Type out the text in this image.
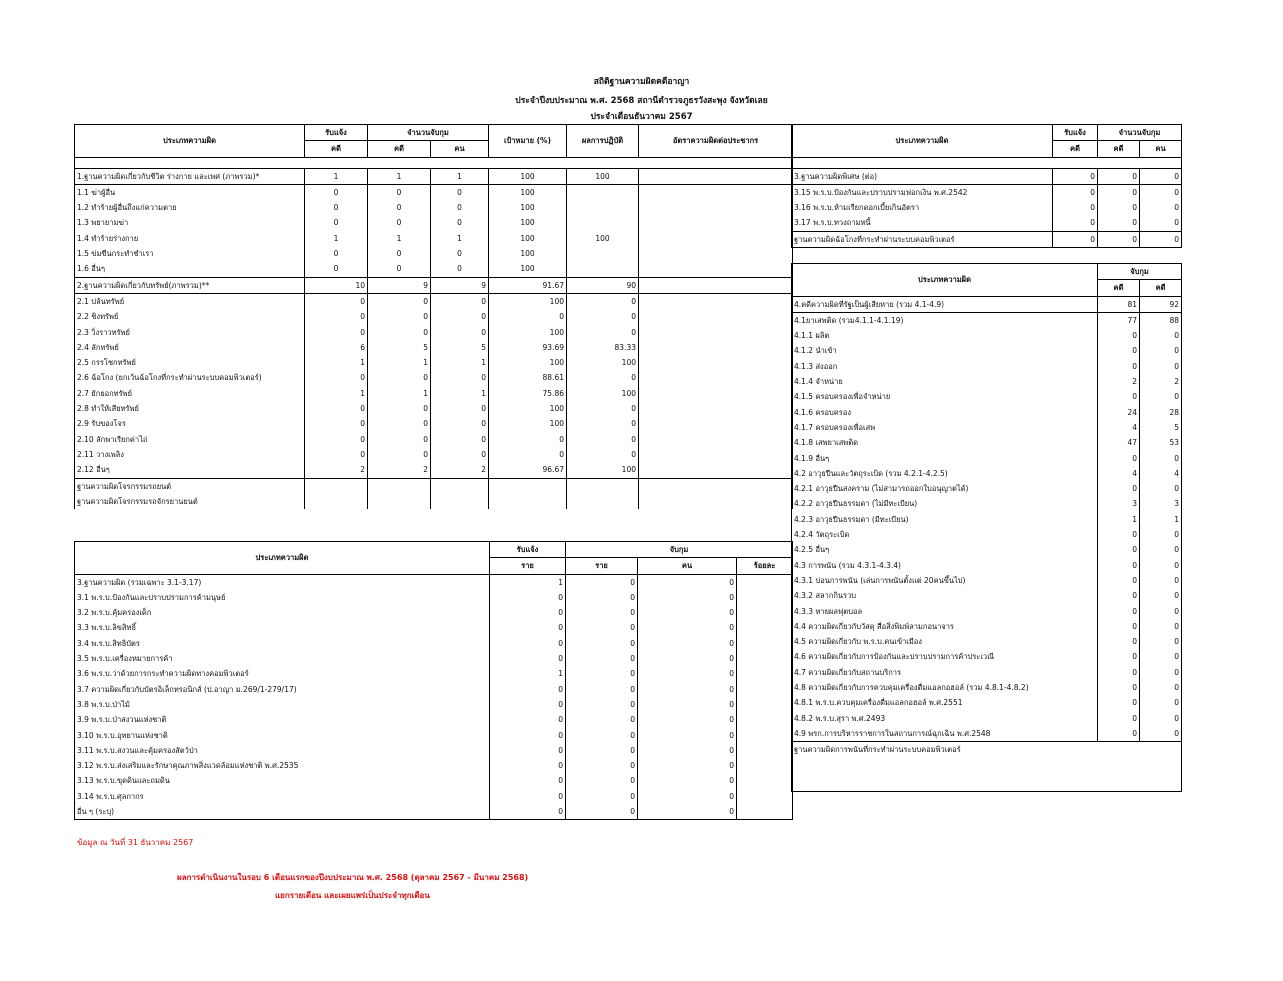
สถิติฐานความผิดคดีอาญา
ประจำปีงบประมาณ พ.ศ. 2568 สถานีตำรวจภูธรวังสะพุง จังหวัดเลย
ประจำเดือนธันวาคม 2567
ประเภทความผิด	รับแจ้ง	จำนวนจับกุม		เป้าหมาย (%)	ผลการปฏิบัติ	อัตราความผิดต่อประชากร
	คดี	คดี	คน			

1.ฐานความผิดเกี่ยวกับชีวิต ร่างกาย และเพศ (ภาพรวม)*	1	1	1	100	100	
1.1 ฆ่าผู้อื่น	0	0	0	100		
1.2 ทำร้ายผู้อื่นถึงแก่ความตาย	0	0	0	100		
1.3 พยายามฆ่า	0	0	0	100		
1.4 ทำร้ายร่างกาย	1	1	1	100	100	
1.5 ข่มขืนกระทำชำเรา	0	0	0	100		
1.6 อื่นๆ	0	0	0	100		
2.ฐานความผิดเกี่ยวกับทรัพย์(ภาพรวม)**	10	9	9	91.67	90	
2.1 ปล้นทรัพย์	0	0	0	100	0	
2.2 ชิงทรัพย์	0	0	0	0	0	
2.3 วิ่งราวทรัพย์	0	0	0	100	0	
2.4 ลักทรัพย์	6	5	5	93.69	83.33	
2.5 กรรโชกทรัพย์	1	1	1	100	100	
2.6 ฉ้อโกง (ยกเว้นฉ้อโกงที่กระทำผ่านระบบคอมพิวเตอร์)	0	0	0	88.61	0	
2.7 ยักยอกทรัพย์	1	1	1	75.86	100	
2.8 ทำให้เสียทรัพย์	0	0	0	100	0	
2.9 รับของโจร	0	0	0	100	0	
2.10 ลักพาเรียกค่าไถ่	0	0	0	0	0	
2.11 วางเพลิง	0	0	0	0	0	
2.12 อื่นๆ	2	2	2	96.67	100	
ฐานความผิดโจรกรรมรถยนต์						
ฐานความผิดโจรกรรมรถจักรยานยนต์						
ประเภทความผิด	รับแจ้ง	จับกุม		
	ราย	ราย	คน	ร้อยละ
3.ฐานความผิด (รวมเฉพาะ 3.1-3.17)	1	0	0	
3.1 พ.ร.บ.ป้องกันและปราบปรามการค้ามนุษย์	0	0	0	
3.2 พ.ร.บ.คุ้มครองเด็ก	0	0	0	
3.3 พ.ร.บ.ลิขสิทธิ์	0	0	0	
3.4 พ.ร.บ.สิทธิบัตร	0	0	0	
3.5 พ.ร.บ.เครื่องหมายการค้า	0	0	0	
3.6 พ.ร.บ.ว่าด้วยการกระทำความผิดทางคอมพิวเตอร์	1	0	0	
3.7 ความผิดเกี่ยวกับบัตรอิเล็กทรอนิกส์ (ป.อาญา ม.269/1-279/17)	0	0	0	
3.8 พ.ร.บ.ป่าไม้	0	0	0	
3.9 พ.ร.บ.ป่าสงวนแห่งชาติ	0	0	0	
3.10 พ.ร.บ.อุทยานแห่งชาติ	0	0	0	
3.11 พ.ร.บ.สงวนและคุ้มครองสัตว์ป่า	0	0	0	
3.12 พ.ร.บ.ส่งเสริมและรักษาคุณภาพสิ่งแวดล้อมแห่งชาติ พ.ศ.2535	0	0	0	
3.13 พ.ร.บ.ขุดดินและถมดิน	0	0	0	
3.14 พ.ร.บ.ศุลกากร	0	0	0	
อื่น ๆ (ระบุ)	0	0	0	
ประเภทความผิด	รับแจ้ง	จำนวนจับกุม	
	คดี	คดี	คน

3.ฐานความผิดพิเศษ (ต่อ)	0	0	0
3.15 พ.ร.บ.ป้องกันและปราบปรามฟอกเงิน พ.ศ.2542	0	0	0
3.16 พ.ร.บ.ห้ามเรียกดอกเบี้ยเกินอัตรา	0	0	0
3.17 พ.ร.บ.ทวงถามหนี้	0	0	0
ฐานความผิดฉ้อโกงที่กระทำผ่านระบบคอมพิวเตอร์	0	0	0
ประเภทความผิด	จับกุม	
	คดี	คดี
4.คดีความผิดที่รัฐเป็นผู้เสียหาย (รวม 4.1-4.9)	81	92
4.1ยาเสพติด (รวม4.1.1-4.1.19)	77	88
4.1.1 ผลิต	0	0
4.1.2 นำเข้า	0	0
4.1.3 ส่งออก	0	0
4.1.4 จำหน่าย	2	2
4.1.5 ครอบครองเพื่อจำหน่าย	0	0
4.1.6 ครอบครอง	24	28
4.1.7 ครอบครองเพื่อเสพ	4	5
4.1.8 เสพยาเสพติด	47	53
4.1.9 อื่นๆ	0	0
4.2 อาวุธปืนและวัตถุระเบิด (รวม 4.2.1-4.2.5)	4	4
4.2.1 อาวุธปืนสงคราม (ไม่สามารถออกใบอนุญาตได้)	0	0
4.2.2 อาวุธปืนธรรมดา (ไม่มีทะเบียน)	3	3
4.2.3 อาวุธปืนธรรมดา (มีทะเบียน)	1	1
4.2.4 วัตถุระเบิด	0	0
4.2.5 อื่นๆ	0	0
4.3 การพนัน (รวม 4.3.1-4.3.4)	0	0
4.3.1 บ่อนการพนัน (เล่นการพนันตั้งแต่ 20คนขึ้นไป)	0	0
4.3.2 สลากกินรวบ	0	0
4.3.3 ทายผลฟุตบอล	0	0
4.4 ความผิดเกี่ยวกับวัสดุ สื่อสิ่งพิมพ์ลามกอนาจาร	0	0
4.5 ความผิดเกี่ยวกับ พ.ร.บ.คนเข้าเมือง	0	0
4.6 ความผิดเกี่ยวกับการป้องกันและปราบปรามการค้าประเวณี	0	0
4.7 ความผิดเกี่ยวกับสถานบริการ	0	0
4.8 ความผิดเกี่ยวกับการควบคุมเครื่องดื่มแอลกอฮอล์ (รวม 4.8.1-4.8.2)	0	0
4.8.1 พ.ร.บ.ควบคุมเครื่องดื่มแอลกอฮอล์ พ.ศ.2551	0	0
4.8.2 พ.ร.บ.สุรา พ.ศ.2493	0	0
4.9 พรก.การบริหารราชการในสถานการณ์ฉุกเฉิน พ.ศ.2548	0	0
ฐานความผิดการพนันที่กระทำผ่านระบบคอมพิวเตอร์		
ข้อมูล ณ วันที่ 31 ธันวาคม 2567
ผลการดำเนินงานในรอบ 6 เดือนแรกของปีงบประมาณ พ.ศ. 2568 (ตุลาคม 2567 - มีนาคม 2568)
แยกรายเดือน และเผยแพร่เป็นประจำทุกเดือน
